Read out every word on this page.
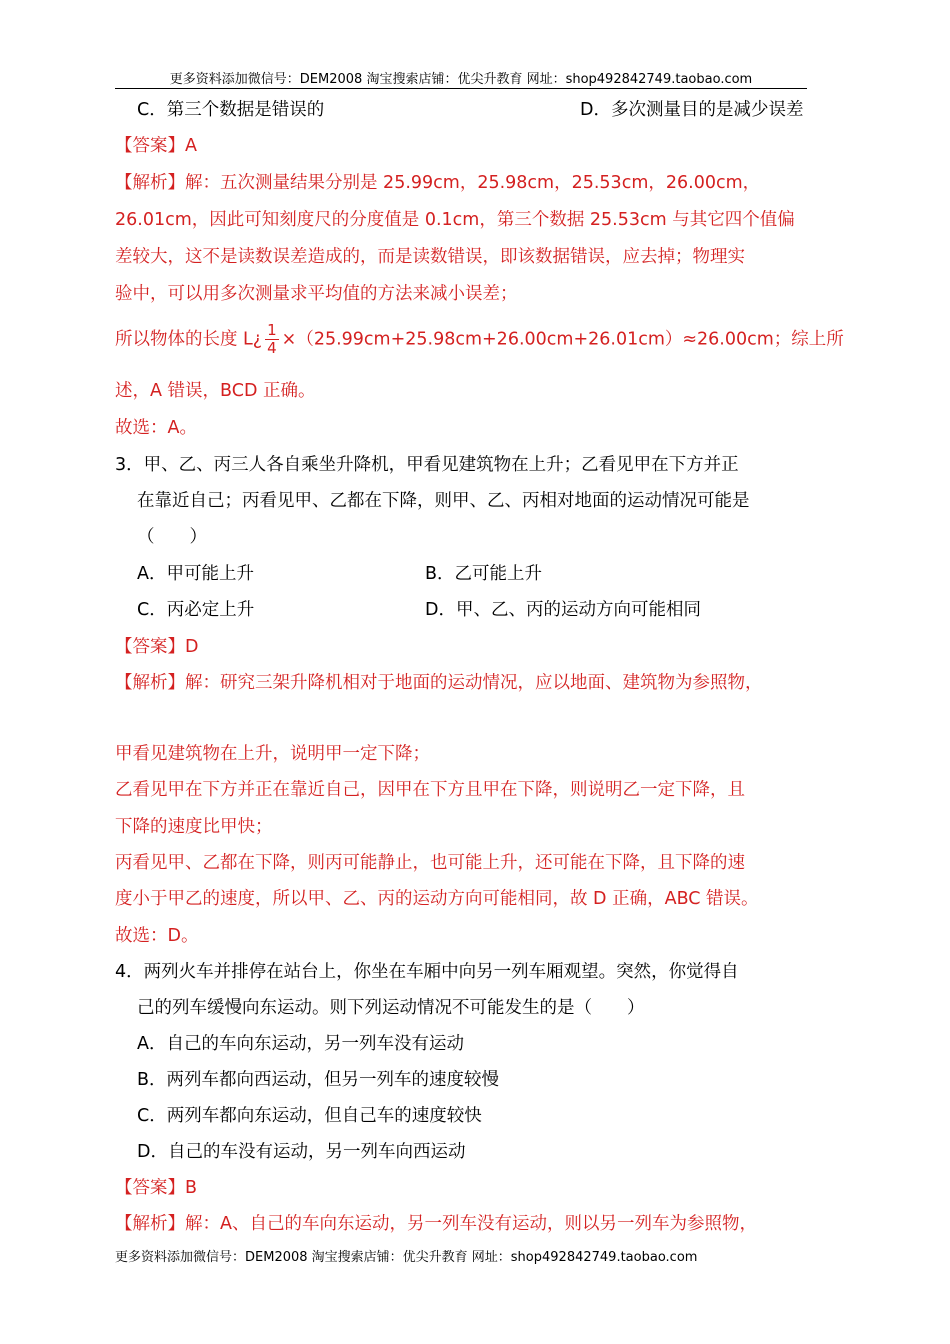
更多资料添加微信号：DEM2008 淘宝搜索店铺：优尖升教育 网址：shop492842749.taobao.com
C．第三个数据是错误的	D．多次测量目的是减少误差
【答案】A
【解析】解：五次测量结果分别是 25.99cm，25.98cm，25.53cm，26.00cm，
26.01cm，因此可知刻度尺的分度值是 0.1cm，第三个数据 25.53cm 与其它四个值偏
差较大，这不是读数误差造成的，而是读数错误，即该数据错误，应去掉；物理实
验中，可以用多次测量求平均值的方法来减小误差；
所以物体的长度 L¿ $\frac{1}{4} \times(25.99cm+25.98cm+26.00cm+26.01cm)\approx 26.00cm$；综上所
述，A 错误，BCD 正确。
故选：A。
3．甲、乙、丙三人各自乘坐升降机，甲看见建筑物在上升；乙看见甲在下方并正
在靠近自己；丙看见甲、乙都在下降，则甲、乙、丙相对地面的运动情况可能是
（　　）
A．甲可能上升	B．乙可能上升
C．丙必定上升	D．甲、乙、丙的运动方向可能相同
【答案】D
【解析】解：研究三架升降机相对于地面的运动情况，应以地面、建筑物为参照物，
甲看见建筑物在上升，说明甲一定下降；
乙看见甲在下方并正在靠近自己，因甲在下方且甲在下降，则说明乙一定下降，且
下降的速度比甲快；
丙看见甲、乙都在下降，则丙可能静止，也可能上升，还可能在下降，且下降的速
度小于甲乙的速度，所以甲、乙、丙的运动方向可能相同，故 D 正确，ABC 错误。
故选：D。
4．两列火车并排停在站台上，你坐在车厢中向另一列车厢观望。突然，你觉得自
己的列车缓慢向东运动。则下列运动情况不可能发生的是（　　）
A．自己的车向东运动，另一列车没有运动
B．两列车都向西运动，但另一列车的速度较慢
C．两列车都向东运动，但自己车的速度较快
D．自己的车没有运动，另一列车向西运动
【答案】B
【解析】解：A、自己的车向东运动，另一列车没有运动，则以另一列车为参照物，
更多资料添加微信号：DEM2008 淘宝搜索店铺：优尖升教育 网址：shop492842749.taobao.com
